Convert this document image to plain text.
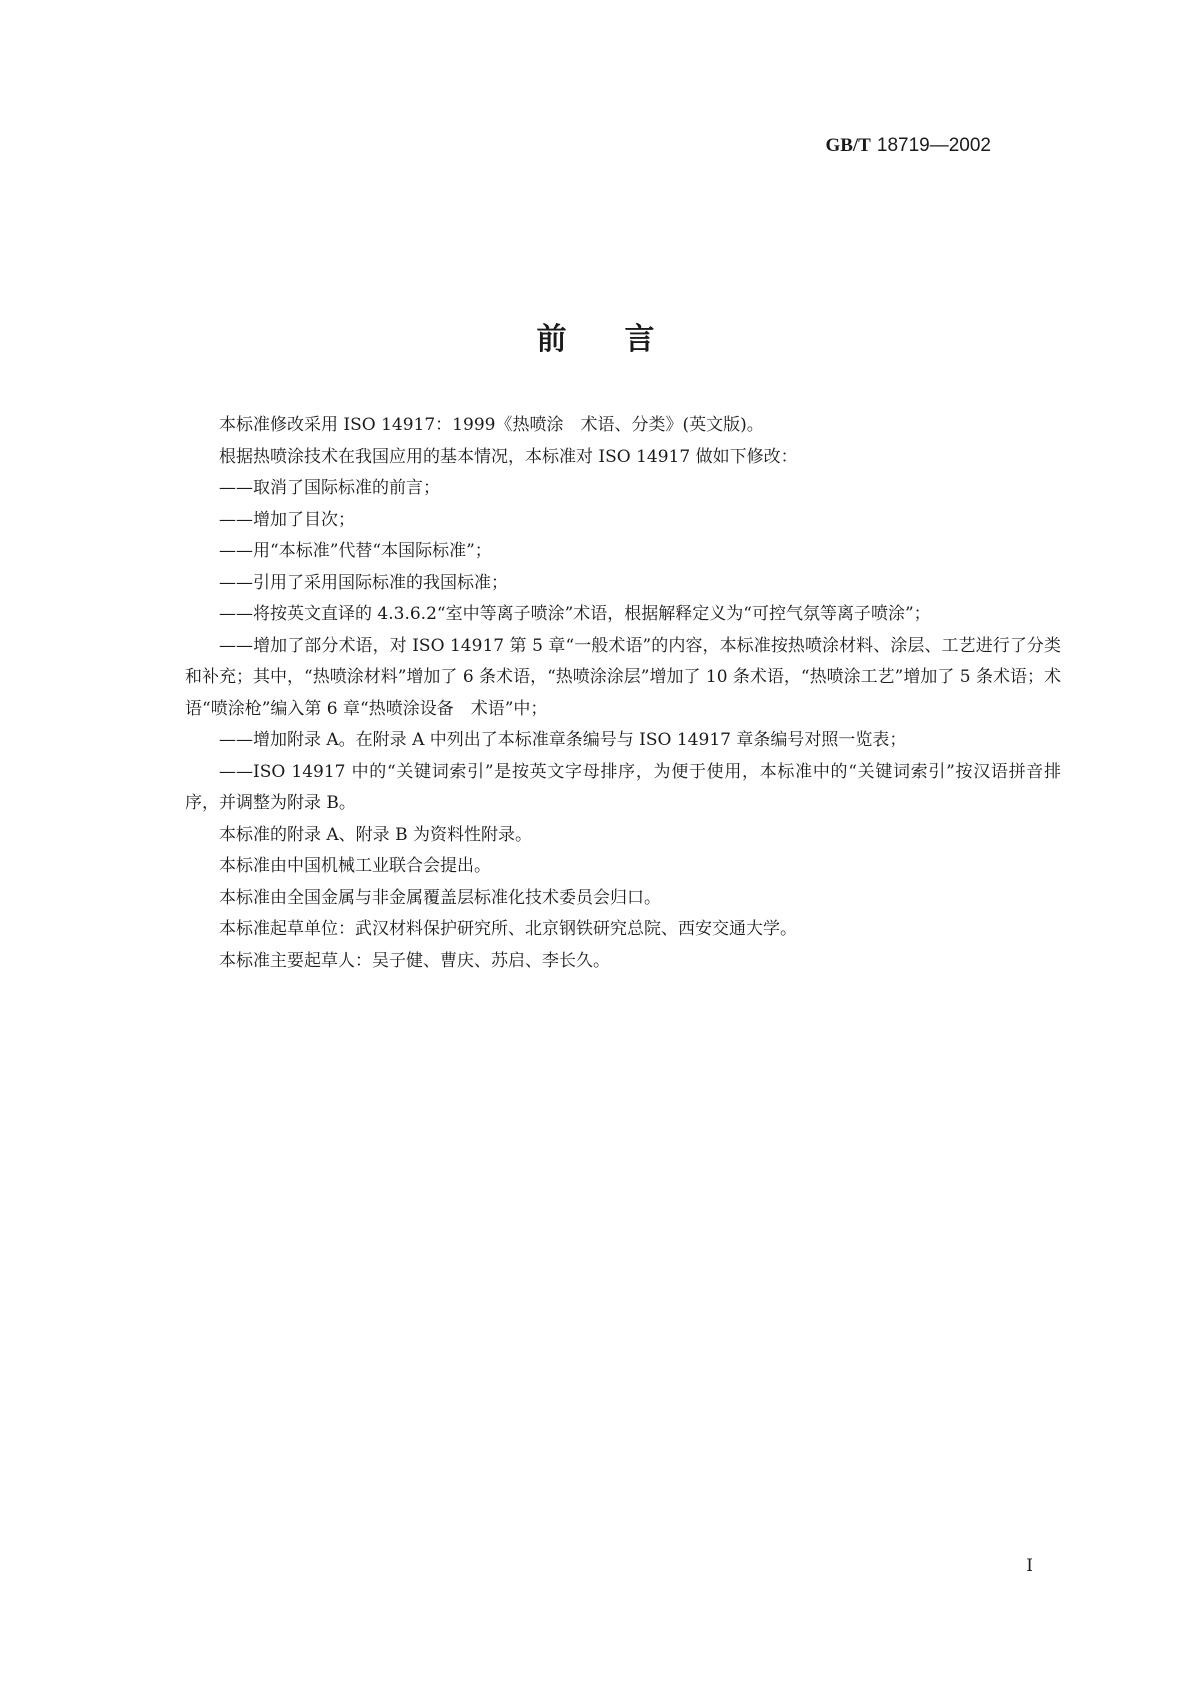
GB/T 18719—2002
前言

本标准修改采用 ISO 14917：1999《热喷涂　术语、分类》(英文版)。

根据热喷涂技术在我国应用的基本情况，本标准对 ISO 14917 做如下修改：

——取消了国际标准的前言；

——增加了目次；

——用“本标准”代替“本国际标准”；

——引用了采用国际标准的我国标准；

——将按英文直译的 4.3.6.2“室中等离子喷涂”术语，根据解释定义为“可控气氛等离子喷涂”；

——增加了部分术语，对 ISO 14917 第 5 章“一般术语”的内容，本标准按热喷涂材料、涂层、工艺进行了分类和补充；其中，“热喷涂材料”增加了 6 条术语，“热喷涂涂层”增加了 10 条术语，“热喷涂工艺”增加了 5 条术语；术语“喷涂枪”编入第 6 章“热喷涂设备　术语”中；

——增加附录 A。在附录 A 中列出了本标准章条编号与 ISO 14917 章条编号对照一览表；

——ISO 14917 中的“关键词索引”是按英文字母排序，为便于使用，本标准中的“关键词索引”按汉语拼音排序，并调整为附录 B。

本标准的附录 A、附录 B 为资料性附录。

本标准由中国机械工业联合会提出。

本标准由全国金属与非金属覆盖层标准化技术委员会归口。

本标准起草单位：武汉材料保护研究所、北京钢铁研究总院、西安交通大学。

本标准主要起草人：吴子健、曹庆、苏启、李长久。

I
